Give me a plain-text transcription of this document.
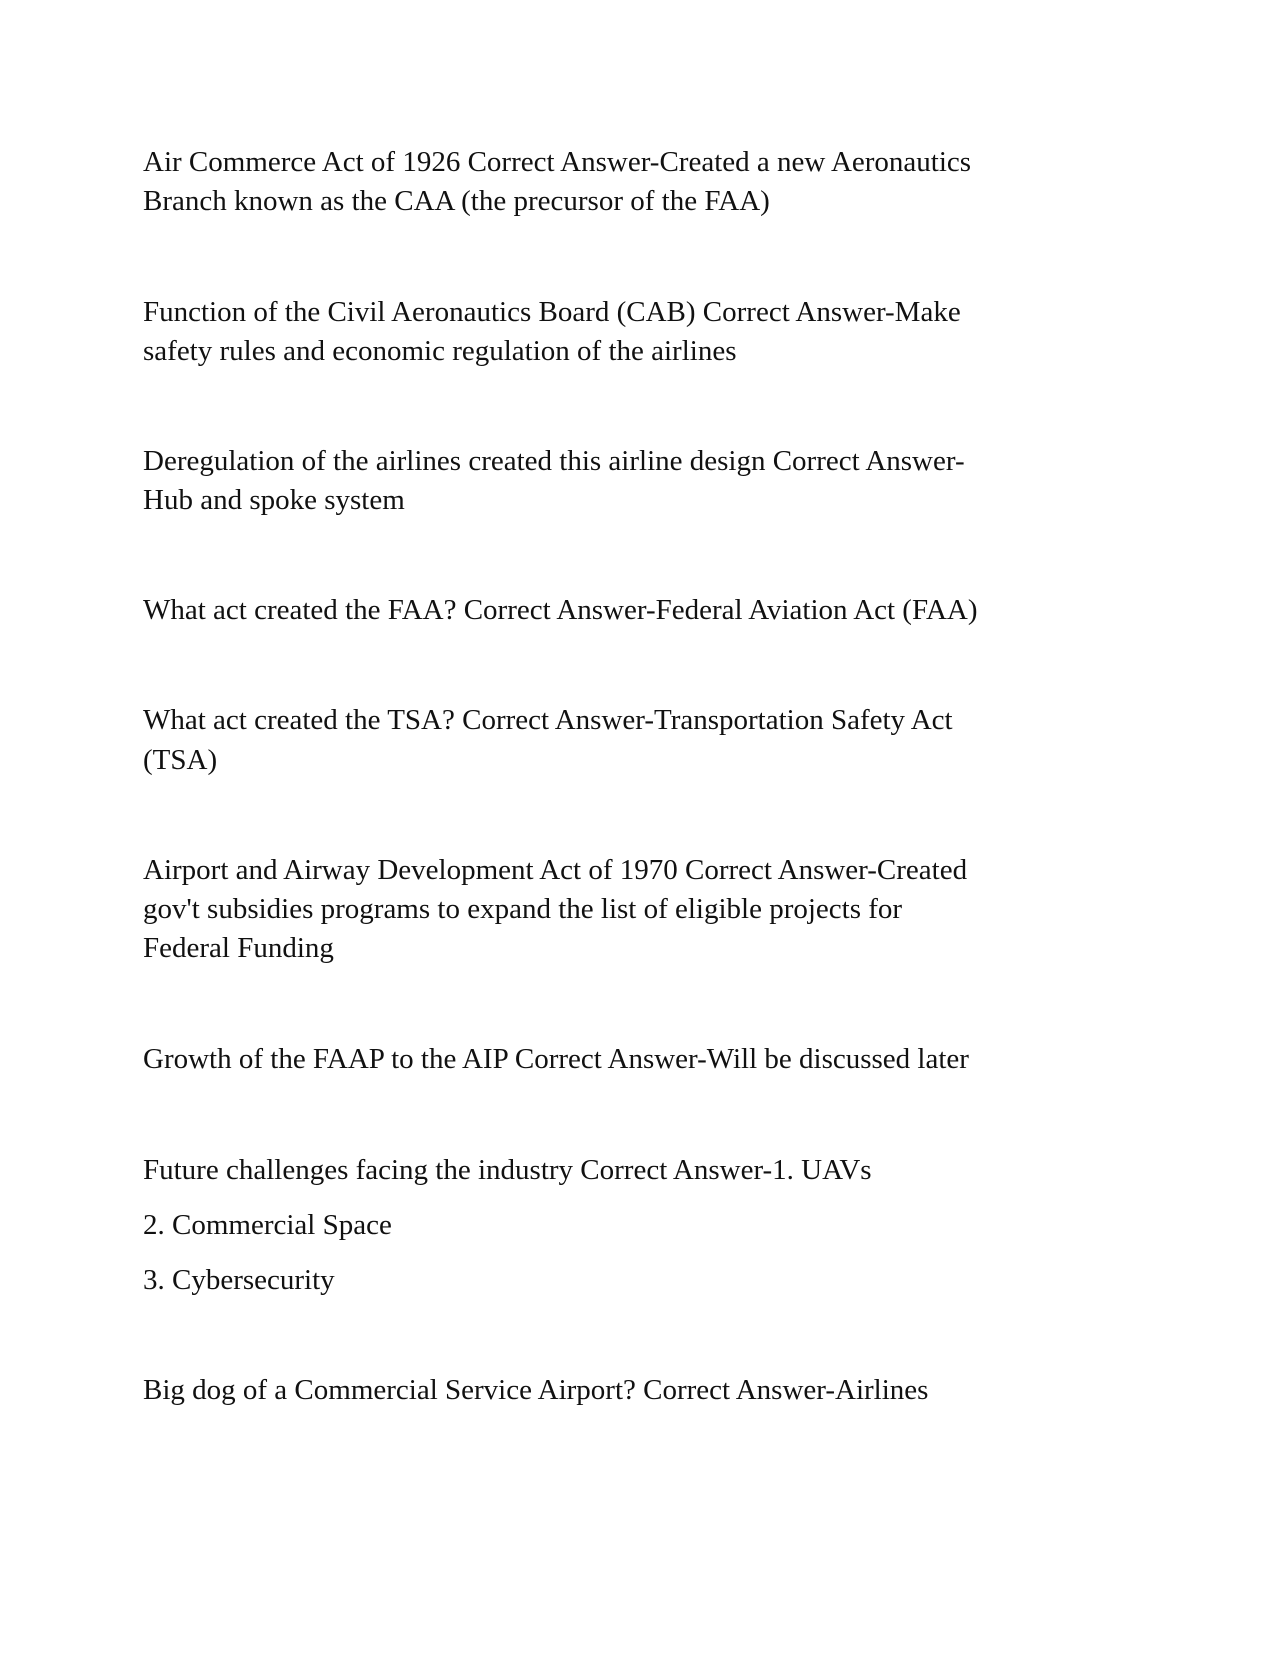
Air Commerce Act of 1926 Correct Answer-Created a new Aeronautics
Branch known as the CAA (the precursor of the FAA)
Function of the Civil Aeronautics Board (CAB) Correct Answer-Make
safety rules and economic regulation of the airlines
Deregulation of the airlines created this airline design Correct Answer-
Hub and spoke system
What act created the FAA? Correct Answer-Federal Aviation Act (FAA)
What act created the TSA? Correct Answer-Transportation Safety Act
(TSA)
Airport and Airway Development Act of 1970 Correct Answer-Created
gov't subsidies programs to expand the list of eligible projects for
Federal Funding
Growth of the FAAP to the AIP Correct Answer-Will be discussed later
Future challenges facing the industry Correct Answer-1. UAVs
2. Commercial Space
3. Cybersecurity
Big dog of a Commercial Service Airport? Correct Answer-Airlines
